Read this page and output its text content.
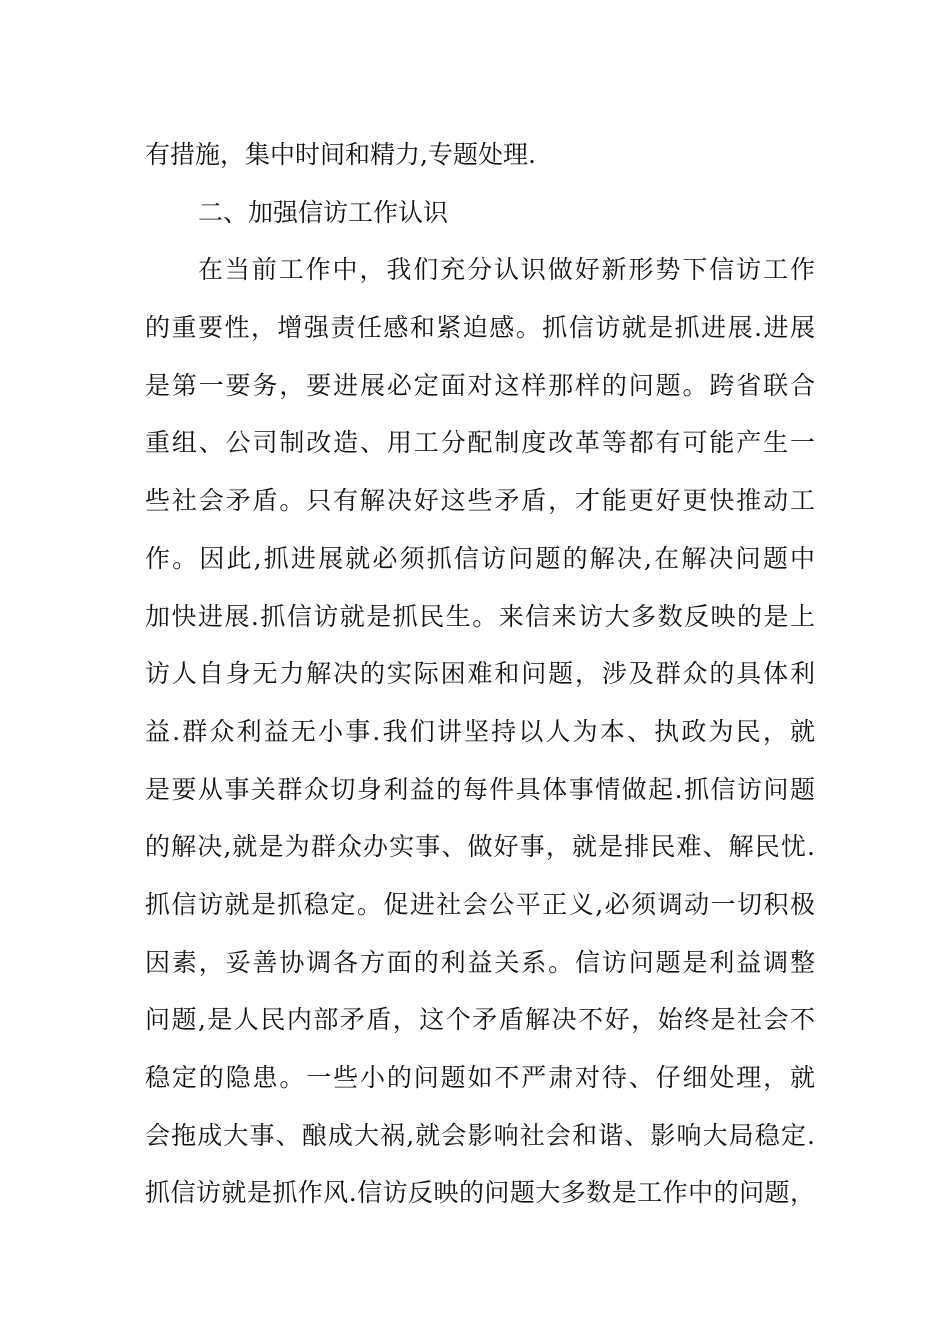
有措施，集中时间和精力,专题处理.
二、加强信访工作认识
在当前工作中，我们充分认识做好新形势下信访工作
的重要性，增强责任感和紧迫感。抓信访就是抓进展.进展
是第一要务，要进展必定面对这样那样的问题。跨省联合
重组、公司制改造、用工分配制度改革等都有可能产生一
些社会矛盾。只有解决好这些矛盾，才能更好更快推动工
作。因此,抓进展就必须抓信访问题的解决,在解决问题中
加快进展.抓信访就是抓民生。来信来访大多数反映的是上
访人自身无力解决的实际困难和问题，涉及群众的具体利
益.群众利益无小事.我们讲坚持以人为本、执政为民，就
是要从事关群众切身利益的每件具体事情做起.抓信访问题
的解决,就是为群众办实事、做好事，就是排民难、解民忧.
抓信访就是抓稳定。促进社会公平正义,必须调动一切积极
因素，妥善协调各方面的利益关系。信访问题是利益调整
问题,是人民内部矛盾，这个矛盾解决不好，始终是社会不
稳定的隐患。一些小的问题如不严肃对待、仔细处理，就
会拖成大事、酿成大祸,就会影响社会和谐、影响大局稳定.
抓信访就是抓作风.信访反映的问题大多数是工作中的问题，
